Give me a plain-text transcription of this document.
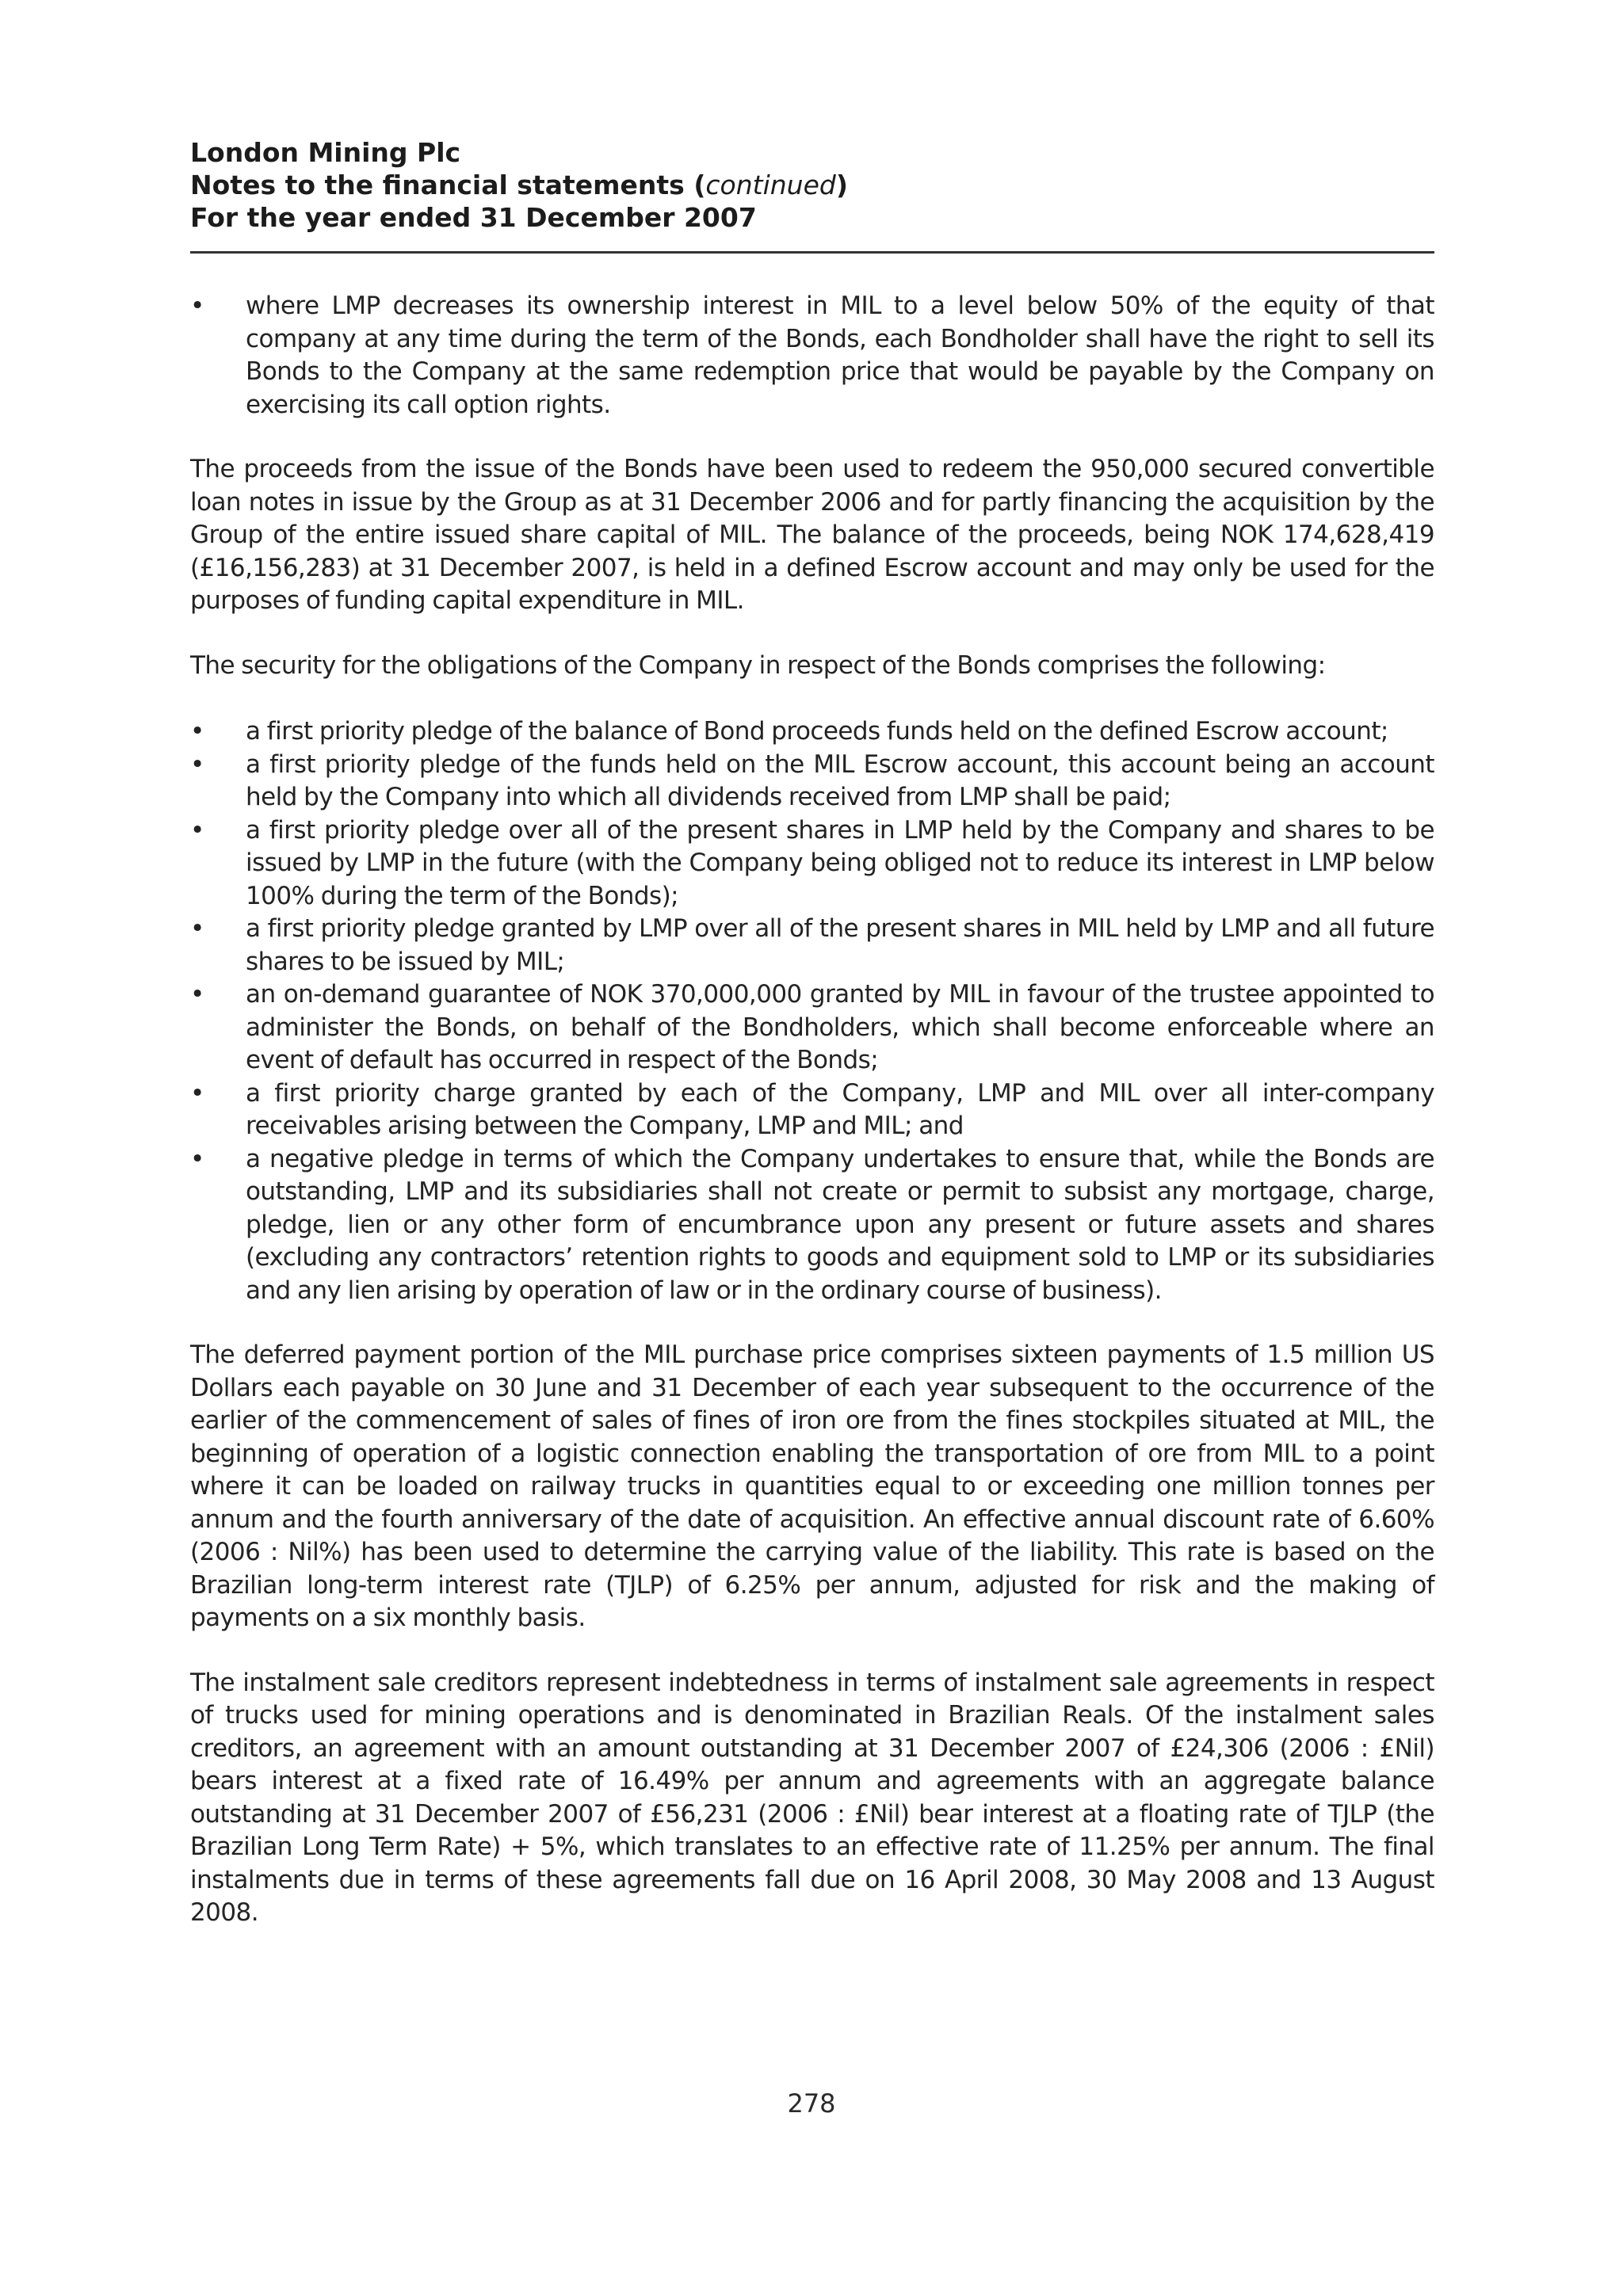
London Mining Plc
Notes to the financial statements (continued)
For the year ended 31 December 2007
•	where LMP decreases its ownership interest in MIL to a level below 50% of the equity of that company at any time during the term of the Bonds, each Bondholder shall have the right to sell its Bonds to the Company at the same redemption price that would be payable by the Company on exercising its call option rights.

The proceeds from the issue of the Bonds have been used to redeem the 950,000 secured convertible loan notes in issue by the Group as at 31 December 2006 and for partly financing the acquisition by the Group of the entire issued share capital of MIL. The balance of the proceeds, being NOK 174,628,419 (£16,156,283) at 31 December 2007, is held in a defined Escrow account and may only be used for the purposes of funding capital expenditure in MIL.

The security for the obligations of the Company in respect of the Bonds comprises the following:

•	a first priority pledge of the balance of Bond proceeds funds held on the defined Escrow account;
•	a first priority pledge of the funds held on the MIL Escrow account, this account being an account held by the Company into which all dividends received from LMP shall be paid;
•	a first priority pledge over all of the present shares in LMP held by the Company and shares to be issued by LMP in the future (with the Company being obliged not to reduce its interest in LMP below 100% during the term of the Bonds);
•	a first priority pledge granted by LMP over all of the present shares in MIL held by LMP and all future shares to be issued by MIL;
•	an on-demand guarantee of NOK 370,000,000 granted by MIL in favour of the trustee appointed to administer the Bonds, on behalf of the Bondholders, which shall become enforceable where an event of default has occurred in respect of the Bonds;
•	a first priority charge granted by each of the Company, LMP and MIL over all inter-company receivables arising between the Company, LMP and MIL; and
•	a negative pledge in terms of which the Company undertakes to ensure that, while the Bonds are outstanding, LMP and its subsidiaries shall not create or permit to subsist any mortgage, charge, pledge, lien or any other form of encumbrance upon any present or future assets and shares (excluding any contractors’ retention rights to goods and equipment sold to LMP or its subsidiaries and any lien arising by operation of law or in the ordinary course of business).

The deferred payment portion of the MIL purchase price comprises sixteen payments of 1.5 million US Dollars each payable on 30 June and 31 December of each year subsequent to the occurrence of the earlier of the commencement of sales of fines of iron ore from the fines stockpiles situated at MIL, the beginning of operation of a logistic connection enabling the transportation of ore from MIL to a point where it can be loaded on railway trucks in quantities equal to or exceeding one million tonnes per annum and the fourth anniversary of the date of acquisition. An effective annual discount rate of 6.60% (2006 : Nil%) has been used to determine the carrying value of the liability. This rate is based on the Brazilian long-term interest rate (TJLP) of 6.25% per annum, adjusted for risk and the making of payments on a six monthly basis.

The instalment sale creditors represent indebtedness in terms of instalment sale agreements in respect of trucks used for mining operations and is denominated in Brazilian Reals. Of the instalment sales creditors, an agreement with an amount outstanding at 31 December 2007 of £24,306 (2006 : £Nil) bears interest at a fixed rate of 16.49% per annum and agreements with an aggregate balance outstanding at 31 December 2007 of £56,231 (2006 : £Nil) bear interest at a floating rate of TJLP (the Brazilian Long Term Rate) + 5%, which translates to an effective rate of 11.25% per annum. The final instalments due in terms of these agreements fall due on 16 April 2008, 30 May 2008 and 13 August 2008.

278
